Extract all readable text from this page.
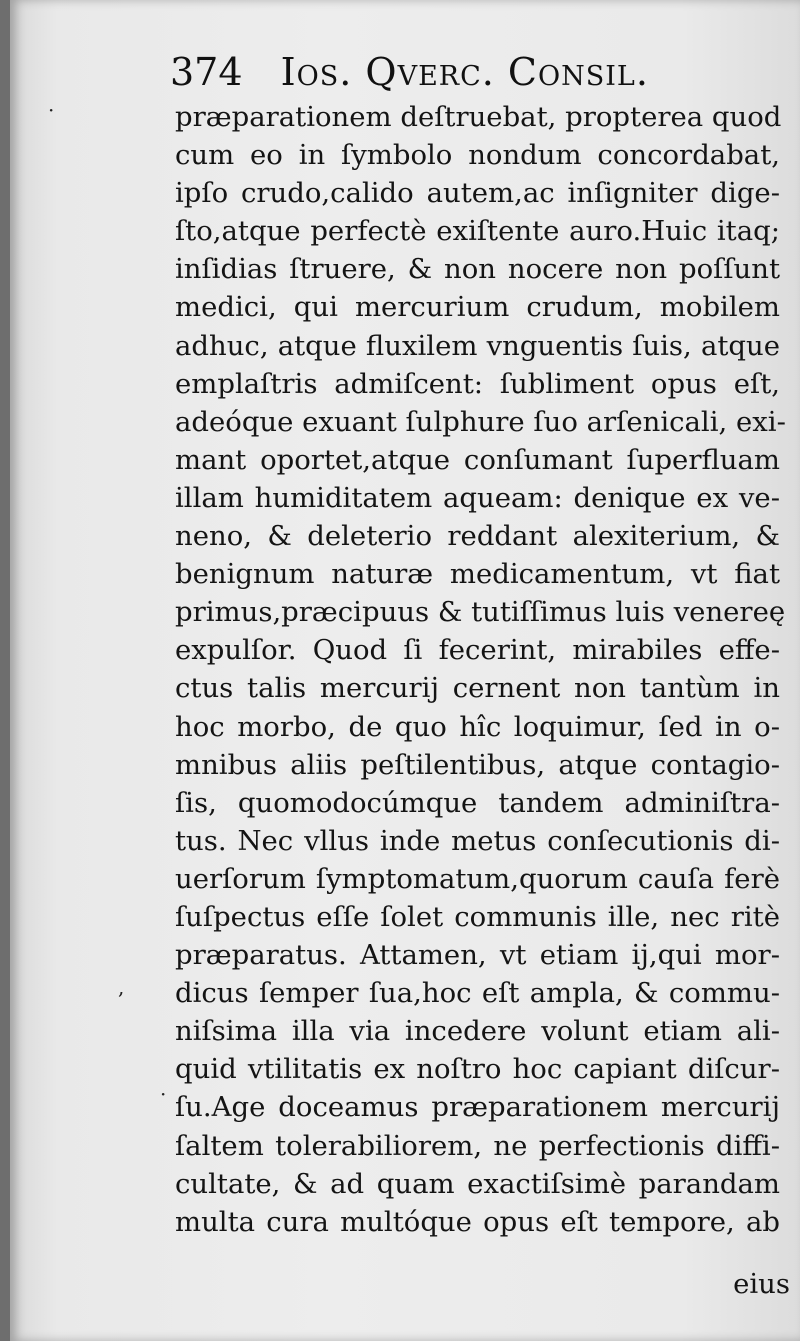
374 Ios. Qverc. Consil.
præparationem deſtruebat, propterea quod
cum eo in ſymbolo nondum concordabat,
ipſo crudo,calido autem,ac inſigniter dige-
ſto,atque perfectè exiſtente auro.Huic itaq;
inſidias ſtruere, & non nocere non poſſunt
medici, qui mercurium crudum, mobilem
adhuc, atque fluxilem vnguentis ſuis, atque
emplaſtris admiſcent: ſubliment opus eſt,
adeóque exuant ſulphure ſuo arſenicali, exi-
mant oportet,atque conſumant ſuperfluam
illam humiditatem aqueam: denique ex ve-
neno, & deleterio reddant alexiterium, &
benignum naturæ medicamentum, vt fiat
primus,præcipuus & tutiſſimus luis venereę
expulſor. Quod ſi fecerint, mirabiles effe-
ctus talis mercurij cernent non tantùm in
hoc morbo, de quo hîc loquimur, ſed in o-
mnibus aliis peſtilentibus, atque contagio-
ſis, quomodocúmque tandem adminiſtra-
tus. Nec vllus inde metus conſecutionis di-
uerſorum ſymptomatum,quorum cauſa ferè
ſuſpectus eſſe ſolet communis ille, nec ritè
præparatus. Attamen, vt etiam ij,qui mor-
dicus ſemper ſua,hoc eſt ampla, & commu-
niſsima illa via incedere volunt etiam ali-
quid vtilitatis ex noſtro hoc capiant diſcur-
ſu.Age doceamus præparationem mercurij
ſaltem tolerabiliorem, ne perfectionis diffi-
cultate, & ad quam exactiſsimè parandam
multa cura multóque opus eſt tempore, ab
eius
·
,
·
